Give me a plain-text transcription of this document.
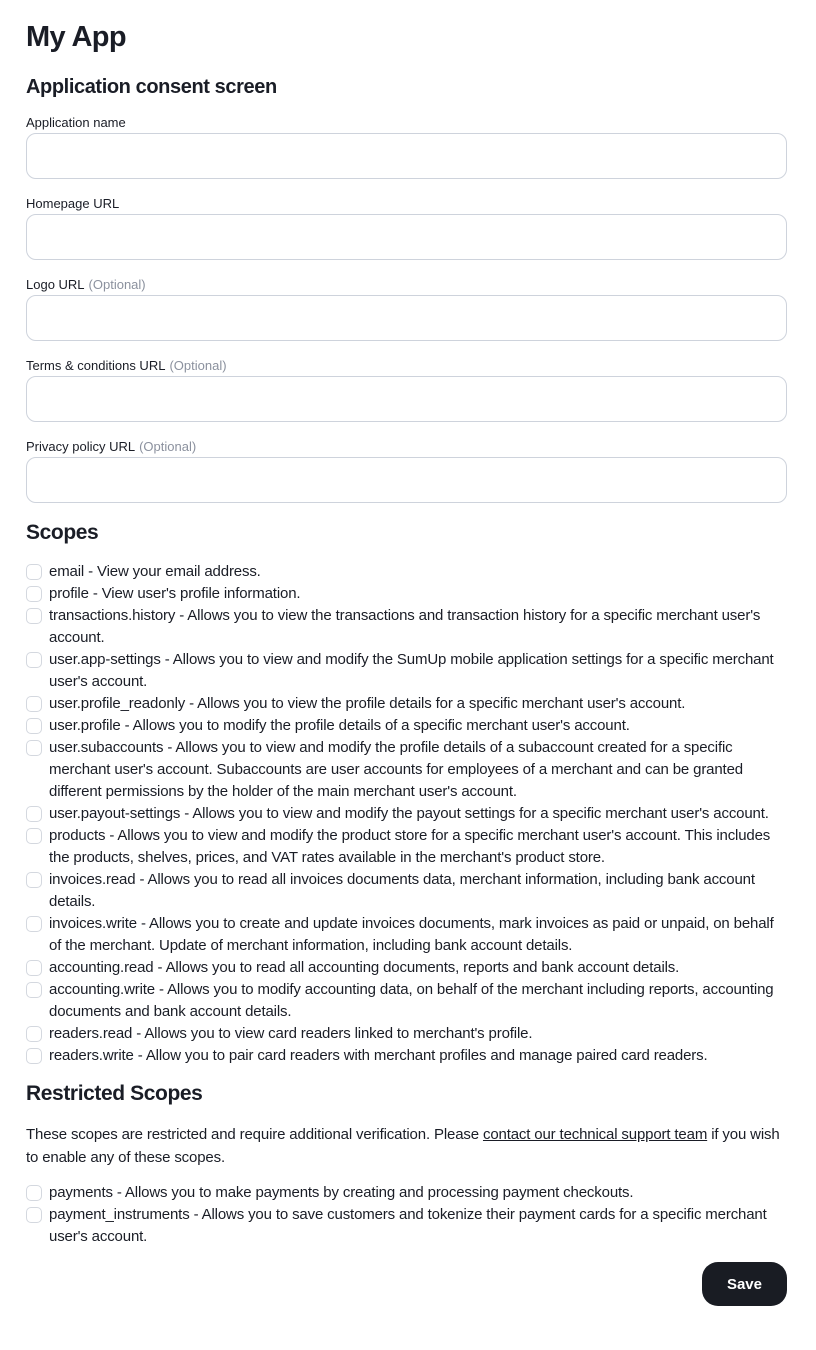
My App
Application consent screen
Application name
Homepage URL
Logo URL (Optional)
Terms & conditions URL (Optional)
Privacy policy URL (Optional)
Scopes
email - View your email address.
profile - View user's profile information.
transactions.history - Allows you to view the transactions and transaction history for a specific merchant user's account.
user.app-settings - Allows you to view and modify the SumUp mobile application settings for a specific merchant user's account.
user.profile_readonly - Allows you to view the profile details for a specific merchant user's account.
user.profile - Allows you to modify the profile details of a specific merchant user's account.
user.subaccounts - Allows you to view and modify the profile details of a subaccount created for a specific merchant user's account. Subaccounts are user accounts for employees of a merchant and can be granted different permissions by the holder of the main merchant user's account.
user.payout-settings - Allows you to view and modify the payout settings for a specific merchant user's account.
products - Allows you to view and modify the product store for a specific merchant user's account. This includes the products, shelves, prices, and VAT rates available in the merchant's product store.
invoices.read - Allows you to read all invoices documents data, merchant information, including bank account details.
invoices.write - Allows you to create and update invoices documents, mark invoices as paid or unpaid, on behalf of the merchant. Update of merchant information, including bank account details.
accounting.read - Allows you to read all accounting documents, reports and bank account details.
accounting.write - Allows you to modify accounting data, on behalf of the merchant including reports, accounting documents and bank account details.
readers.read - Allows you to view card readers linked to merchant's profile.
readers.write - Allow you to pair card readers with merchant profiles and manage paired card readers.
Restricted Scopes

These scopes are restricted and require additional verification. Please contact our technical support team if you wish to enable any of these scopes.

payments - Allows you to make payments by creating and processing payment checkouts.
payment_instruments - Allows you to save customers and tokenize their payment cards for a specific merchant user's account.
Save
